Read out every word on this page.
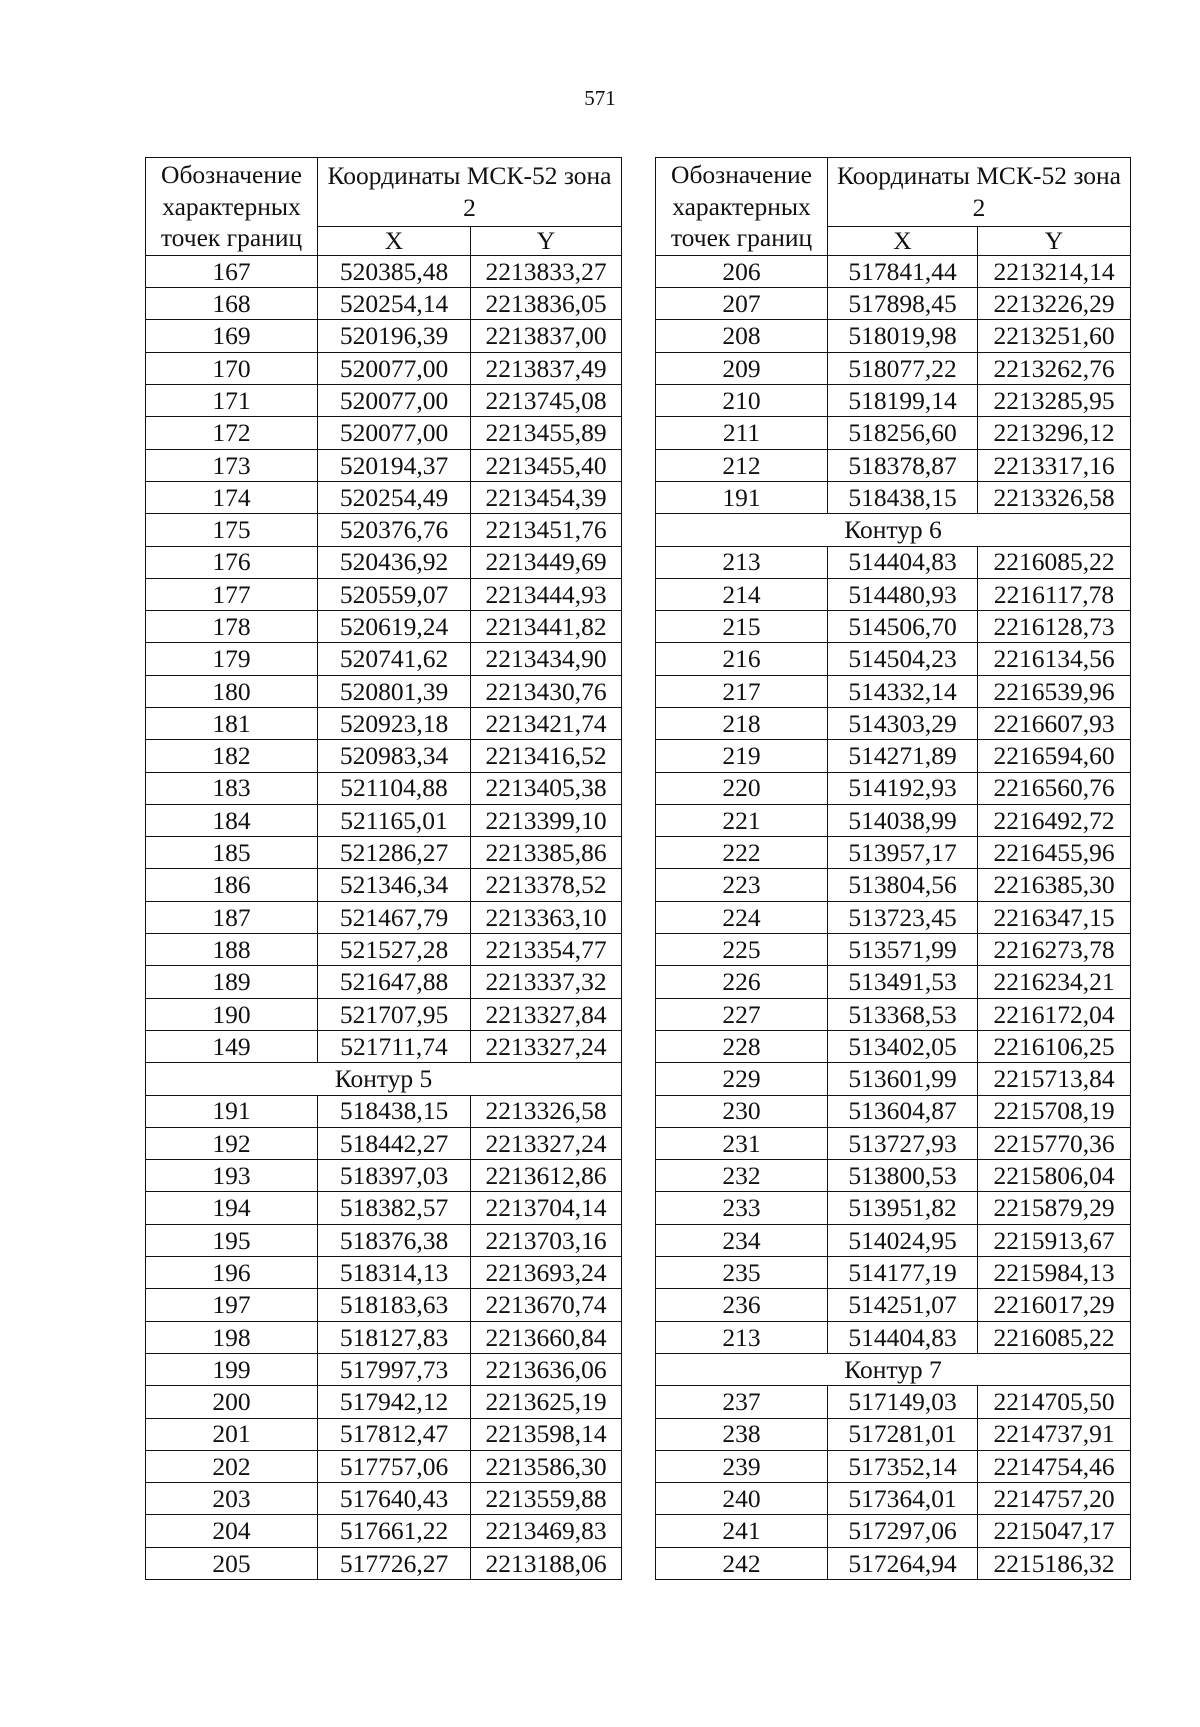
571
Обозначение характерных точек границ	Координаты МСК-52 зона 2	
	X	Y
167	520385,48	2213833,27
168	520254,14	2213836,05
169	520196,39	2213837,00
170	520077,00	2213837,49
171	520077,00	2213745,08
172	520077,00	2213455,89
173	520194,37	2213455,40
174	520254,49	2213454,39
175	520376,76	2213451,76
176	520436,92	2213449,69
177	520559,07	2213444,93
178	520619,24	2213441,82
179	520741,62	2213434,90
180	520801,39	2213430,76
181	520923,18	2213421,74
182	520983,34	2213416,52
183	521104,88	2213405,38
184	521165,01	2213399,10
185	521286,27	2213385,86
186	521346,34	2213378,52
187	521467,79	2213363,10
188	521527,28	2213354,77
189	521647,88	2213337,32
190	521707,95	2213327,84
149	521711,74	2213327,24
Контур 5		
191	518438,15	2213326,58
192	518442,27	2213327,24
193	518397,03	2213612,86
194	518382,57	2213704,14
195	518376,38	2213703,16
196	518314,13	2213693,24
197	518183,63	2213670,74
198	518127,83	2213660,84
199	517997,73	2213636,06
200	517942,12	2213625,19
201	517812,47	2213598,14
202	517757,06	2213586,30
203	517640,43	2213559,88
204	517661,22	2213469,83
205	517726,27	2213188,06
Обозначение характерных точек границ	Координаты МСК-52 зона 2	
	X	Y
206	517841,44	2213214,14
207	517898,45	2213226,29
208	518019,98	2213251,60
209	518077,22	2213262,76
210	518199,14	2213285,95
211	518256,60	2213296,12
212	518378,87	2213317,16
191	518438,15	2213326,58
Контур 6		
213	514404,83	2216085,22
214	514480,93	2216117,78
215	514506,70	2216128,73
216	514504,23	2216134,56
217	514332,14	2216539,96
218	514303,29	2216607,93
219	514271,89	2216594,60
220	514192,93	2216560,76
221	514038,99	2216492,72
222	513957,17	2216455,96
223	513804,56	2216385,30
224	513723,45	2216347,15
225	513571,99	2216273,78
226	513491,53	2216234,21
227	513368,53	2216172,04
228	513402,05	2216106,25
229	513601,99	2215713,84
230	513604,87	2215708,19
231	513727,93	2215770,36
232	513800,53	2215806,04
233	513951,82	2215879,29
234	514024,95	2215913,67
235	514177,19	2215984,13
236	514251,07	2216017,29
213	514404,83	2216085,22
Контур 7		
237	517149,03	2214705,50
238	517281,01	2214737,91
239	517352,14	2214754,46
240	517364,01	2214757,20
241	517297,06	2215047,17
242	517264,94	2215186,32
